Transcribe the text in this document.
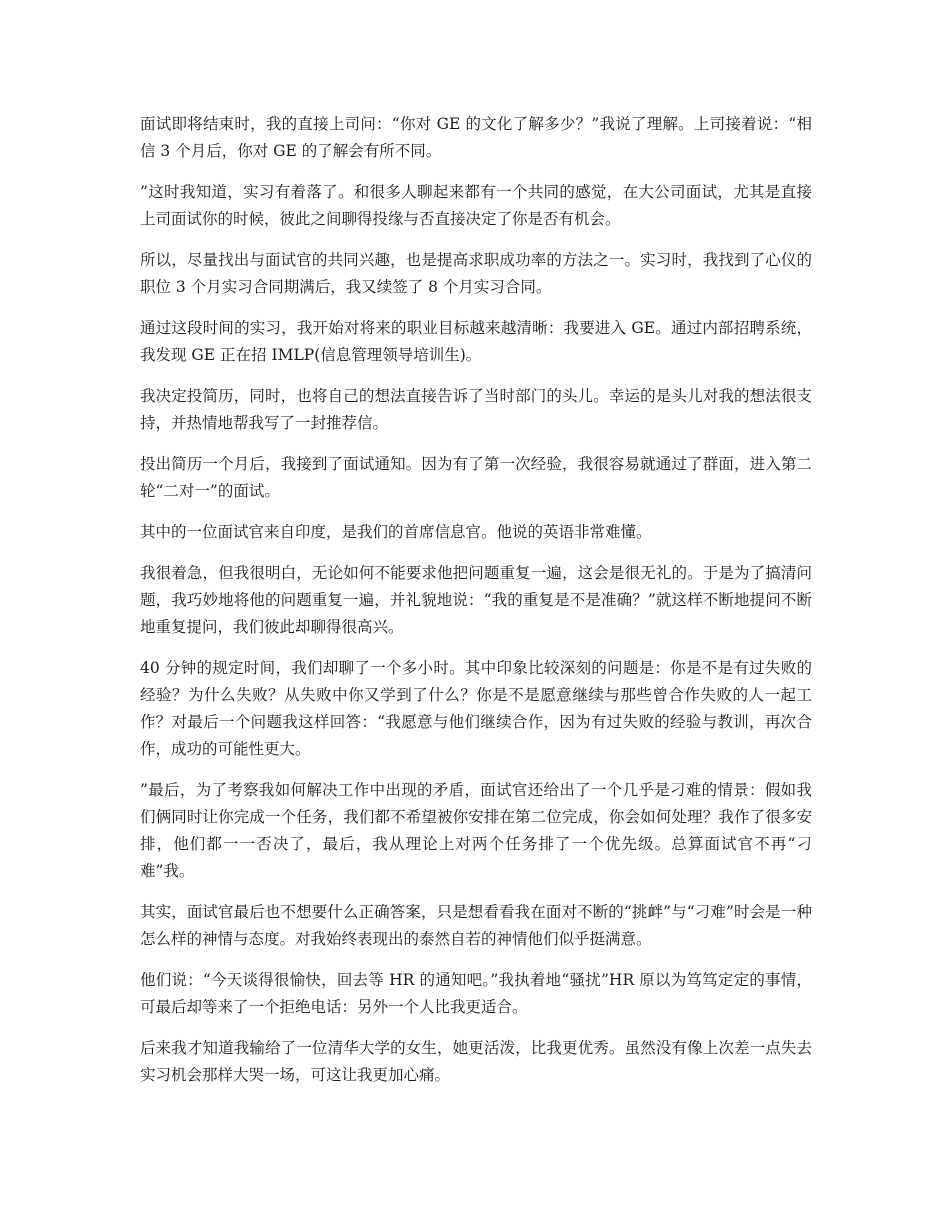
面试即将结束时，我的直接上司问：“你对 GE 的文化了解多少？”我说了理解。上司接着说：“相信 3 个月后，你对 GE 的了解会有所不同。

”这时我知道，实习有着落了。和很多人聊起来都有一个共同的感觉，在大公司面试，尤其是直接上司面试你的时候，彼此之间聊得投缘与否直接决定了你是否有机会。

所以，尽量找出与面试官的共同兴趣，也是提高求职成功率的方法之一。实习时，我找到了心仪的职位 3 个月实习合同期满后，我又续签了 8 个月实习合同。

通过这段时间的实习，我开始对将来的职业目标越来越清晰：我要进入 GE。通过内部招聘系统，我发现 GE 正在招 IMLP(信息管理领导培训生)。

我决定投简历，同时，也将自己的想法直接告诉了当时部门的头儿。幸运的是头儿对我的想法很支持，并热情地帮我写了一封推荐信。

投出简历一个月后，我接到了面试通知。因为有了第一次经验，我很容易就通过了群面，进入第二轮“二对一”的面试。

其中的一位面试官来自印度，是我们的首席信息官。他说的英语非常难懂。

我很着急，但我很明白，无论如何不能要求他把问题重复一遍，这会是很无礼的。于是为了搞清问题，我巧妙地将他的问题重复一遍，并礼貌地说：“我的重复是不是准确？”就这样不断地提问不断地重复提问，我们彼此却聊得很高兴。

40 分钟的规定时间，我们却聊了一个多小时。其中印象比较深刻的问题是：你是不是有过失败的经验？为什么失败？从失败中你又学到了什么？你是不是愿意继续与那些曾合作失败的人一起工作？对最后一个问题我这样回答：“我愿意与他们继续合作，因为有过失败的经验与教训，再次合作，成功的可能性更大。

”最后，为了考察我如何解决工作中出现的矛盾，面试官还给出了一个几乎是刁难的情景：假如我们俩同时让你完成一个任务，我们都不希望被你安排在第二位完成，你会如何处理？我作了很多安排，他们都一一否决了，最后，我从理论上对两个任务排了一个优先级。总算面试官不再“刁难”我。

其实，面试官最后也不想要什么正确答案，只是想看看我在面对不断的“挑衅”与“刁难”时会是一种怎么样的神情与态度。对我始终表现出的泰然自若的神情他们似乎挺满意。

他们说：“今天谈得很愉快，回去等 HR 的通知吧。”我执着地“骚扰”HR 原以为笃笃定定的事情，可最后却等来了一个拒绝电话：另外一个人比我更适合。

后来我才知道我输给了一位清华大学的女生，她更活泼，比我更优秀。虽然没有像上次差一点失去实习机会那样大哭一场，可这让我更加心痛。
